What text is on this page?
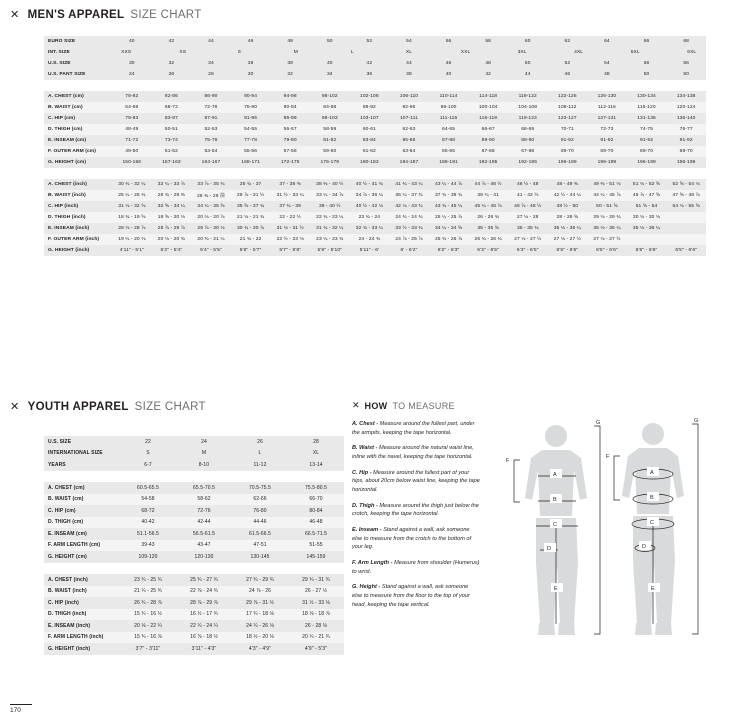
✕ MEN'S APPAREL SIZE CHART
EURO SIZE	40	42	44	46	48	50	52	54	56	58	60	62	64	66	68
INT. SIZE	XXS	XS	S	M	L	XL	XXL	3XL	4XL	5XL	6XL

U.S. SIZE	30	32	34	36	38	40	42	44	46	48	50	52	54	56	56
U.S. PANT SIZE	24	26	28	30	32	34	36	38	40	42	44	46	48	50	50

A. CHEST (cm)	78-82	82-86	86-90	90-94	94-98	98-102	102-106	106-110	110-114	114-118	118-122	122-126	126-130	130-134	134-138
B. WAIST (cm)	64-68	68-72	72-76	76-80	80-84	84-88	88-92	92-96	96-100	100-104	104-108	108-112	112-116	116-120	120-124
C. HIP (cm)	79-83	83-87	87-91	91-95	95-99	99-103	103-107	107-111	111-115	115-119	119-123	123-127	127-131	131-136	136-140
D. THIGH (cm)	48-49	50-51	52-53	54-55	56-57	58-59	60-61	62-63	64-65	66-67	68-69	70-71	72-73	74-75	76-77
E. INSEAM (cm)	71-72	73-74	75-76	77-78	79-80	81-82	83-84	85-86	87-88	89-90	89-90	91-92	91-92	91-92	91-92
F. OUTER ARM (cm)	49-50	51-52	53-54	55-56	57-58	59-60	61-62	63-64	65-66	67-68	67-68	69-70	69-70	69-70	69-70
G. HEIGHT (cm)	150-156	157-163	164-167	168-171	172-175	176-179	180-183	184-187	188-191	192-195	192-195	196-199	196-199	196-199	196-199

A. CHEST (inch)	30 ¾ - 32 ¼	32 ¼ - 33 ⅞	33 ⅞ - 35 ¾	35 ¾ - 37	37 - 38 ⅜	38 ⅜ - 40 ½	40 ½ - 41 ¾	41 ¾ - 43 ¼	43 ¼ - 44 ⅞	44 ⅞ - 46 ½	46 ½ - 48	48 - 49 ⅜	49 ⅜ - 51 ⅛	51 ⅛ - 52 ⅝	52 ⅝ - 54 ⅛
B. WAIST (inch)	25 ¼ - 26 ¾	26 ¾ - 28 ⅜	28 ⅜ - 29 箭	29 ⅞ - 31 ½	31 ½ - 33 ¼	33 ¼ - 34 ⅞	34 ⅞ - 36 ¼	36 ¼ - 37 ¾	37 ¾ - 39 ¾	39 ¼ - 41	41 - 42 ½	42 ½ - 44 ¼	44 ¼ - 45 ⅞	45 ⅞ - 47 ⅝	47 ⅝ - 48 ⅞
C. HIP (inch)	31 ⅛ - 32 ⅝	32 ⅝ - 34 ¼	34 ¼ - 35 ⅝	35 ⅝ - 37 ¾	37 ¾ - 39	39 - 40 ½	40 ½ - 42 ⅛	42 ⅛ - 43 ¾	43 ¾ - 45 ¼	45 ¼ - 46 ⅞	46 ⅞ - 48 ½	48 ½ - 50	50 - 51 ⅝	51 ⅝ - 54	54 ⅛ - 55 ⅝
D. THIGH (inch)	18 ¾ - 19 ⅝	19 ⅝ - 20 ⅛	20 ⅛ - 20 ⅞	21 ⅛ - 21 ¾	22 - 22 ½	22 ¾ - 23 ¼	23 ¾ - 24	24 ¾ - 24 ¾	25 ¼ - 25 ⅞	26 - 26 ¾	27 ⅛ - 28	28 - 28 ⅝	29 ⅛ - 29 ¾	30 ⅛ - 30 ⅛	
E. INSEAM (inch)	28 ⅛ - 28 ⅞	28 ⅞ - 29 ⅞	29 ⅞ - 30 ⅛	30 ¾ - 30 ⅞	31 ⅛ - 31 ½	31 ¾ - 32 ¼	32 ¾ - 33 ¼	33 ½ - 33 ¾	34 ¼ - 34 ⅝	35 - 35 ⅝	35 - 35 ¾	35 ⅛ - 36 ¼	35 ⅛ - 36 ¼	35 ⅛ - 36 ¼	
F. OUTER ARM (inch)	19 ¼ - 20 ⅛	20 ⅛ - 20 ¾	20 ¾ - 21 ¼	21 ¾ - 22	22 ½ - 23 ⅛	23 ¼ - 23 ¾	24 - 24 ¾	24 ⅞ - 25 ⅞	25 ¾ - 26 ⅞	26 ¾ - 26 ¾	27 ⅛ - 27 ½	27 ⅛ - 27 ½	27 ⅛ - 27 ½		
G. HEIGHT (inch)	4'11" - 5'1"	5'2" - 5'4"	5'4" - 5'5"	5'6" - 5'7"	5'7" - 5'8"	5'9" - 5'10"	5'11" - 6'	6' - 6'2"	6'2" - 6'3"	6'3" - 6'5"	6'3" - 6'5"	6'5" - 6'6"	6'5" - 6'6"	6'5" - 6'6"	6'5" - 6'6"
✕ YOUTH APPAREL SIZE CHART
U.S. SIZE	22	24	26	28
INTERNATIONAL SIZE	S	M	L	XL
YEARS	6-7	8-10	11-12	13-14

A. CHEST (cm)	60.5-65.5	65.5-70.5	70.5-75.5	75.5-80.5
B. WAIST (cm)	54-58	58-62	62-66	66-70
C. HIP (cm)	68-72	72-76	76-80	80-84
D. THIGH (cm)	40-42	42-44	44-46	46-48
E. INSEAM (cm)	51.1-56.5	56.5-61.5	61.5-66.5	66.5-71.5
F. ARM LENGTH (cm)	39-43	43-47	47-51	51-55
G. HEIGHT (cm)	109-120	120-130	130-145	145-159

A. CHEST (inch)	23 ¾ - 25 ¾	25 ¾ - 27 ¾	27 ¾ - 29 ¾	29 ¾ - 31 ¾
B. WAIST (inch)	21 ¼ - 25 ¾	22 ⅞ - 24 ¾	24 ⅞ - 26	26 - 27 ½
C. HIP (inch)	26 ¾ - 28 ⅞	28 ⅞ - 29 ⅞	29 ⅞ - 31 ½	31 ½ - 33 ⅛
D. THIGH (inch)	15 ¾ - 16 ½	16 ½ - 17 ¾	17 ¾ - 18 ⅛	18 ⅛ - 18 ⅞
E. INSEAM (inch)	20 ⅛ - 22 ¼	22 ¼ - 24 ¼	24 ¼ - 26 ⅛	26 - 28 ⅛
F. ARM LENGTH (inch)	15 ¾ - 16 ⅞	16 ⅞ - 18 ½	18 ½ - 20 ⅛	20 ¼ - 21 ¾
G. HEIGHT (inch)	3'7" - 3'11"	3'11" - 4'3"	4'3" - 4'9"	4'9" - 5'3"
✕ HOW TO MEASURE

A. Chest - Measure around the fullest part, under the armpits, keeping the tape horizontal.

B. Waist - Measure around the natural waist line, inline with the navel, keeping the tape horizontal.

C. Hip - Measure around the fullest part of your hips, about 20cm below waist line, keeping the tape horizontal.

D. Thigh - Measure around the thigh just below the crotch, keeping the tape horizontal.

E. Inseam - Stand against a wall, ask someone else to measure from the crotch to the bottom of your leg.

F. Arm Length - Measure from shoulder (Humerus) to wrist.

G. Height - Stand against a wall, ask someone else to measure from the floor to the top of your head, keeping the tape vertical.

A
B
C
D
E
F
G
A
B
C
D
E
F
G
170
